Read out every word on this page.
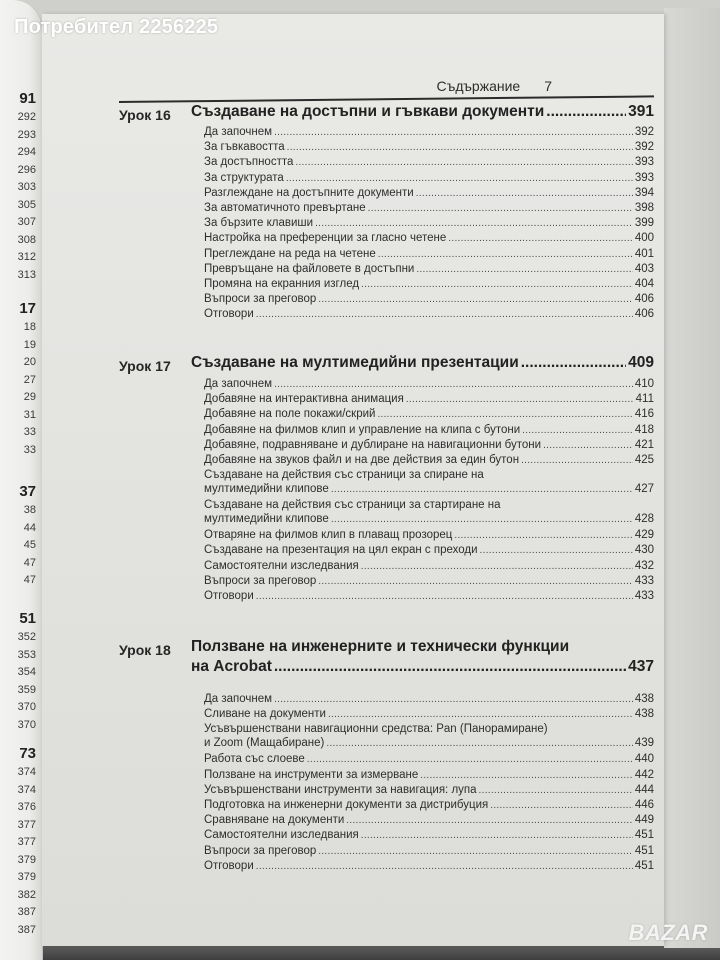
91
292
293
294
296
303
305
307
308
312
313
17
18
19
20
27
29
31
33
33
37
38
44
45
47
47
51
352
353
354
359
370
370
73
374
374
376
377
377
379
379
382
387
387
Съдържание 7
Урок 16	Създаване на достъпни и гъвкави документи .....	391
Да започнем .....	392
За гъвкавостта .....	392
За достъпността .....	393
За структурата .....	393
Разглеждане на достъпните документи .....	394
За автоматичното превъртане .....	398
За бързите клавиши .....	399
Настройка на преференции за гласно четене .....	400
Преглеждане на реда на четене .....	401
Превръщане на файловете в достъпни .....	403
Промяна на екранния изглед .....	404
Въпроси за преговор .....	406
Отговори .....	406
Урок 17	Създаване на мултимедийни презентации .....	409
Да започнем .....	410
Добавяне на интерактивна анимация .....	411
Добавяне на поле покажи/скрий .....	416
Добавяне на филмов клип и управление на клипа с бутони .....	418
Добавяне, подравняване и дублиране на навигационни бутони .....	421
Добавяне на звуков файл и на две действия за един бутон .....	425
Създаване на действия със страници за спиране на
мултимедийни клипове .....	427
Създаване на действия със страници за стартиране на
мултимедийни клипове .....	428
Отваряне на филмов клип в плаващ прозорец .....	429
Създаване на презентация на цял екран с преходи .....	430
Самостоятелни изследвания .....	432
Въпроси за преговор .....	433
Отговори .....	433
Урок 18	Ползване на инженерните и технически функции
на Acrobat .....	437
Да започнем .....	438
Сливане на документи .....	438
Усъвършенствани навигационни средства: Pan (Панорамиране)
и Zoom (Мащабиране) .....	439
Работа със слоеве .....	440
Ползване на инструменти за измерване .....	442
Усъвършенствани инструменти за навигация: лупа .....	444
Подготовка на инженерни документи за дистрибуция .....	446
Сравняване на документи .....	449
Самостоятелни изследвания .....	451
Въпроси за преговор .....	451
Отговори .....	451
Потребител 2256225
BAZAR
